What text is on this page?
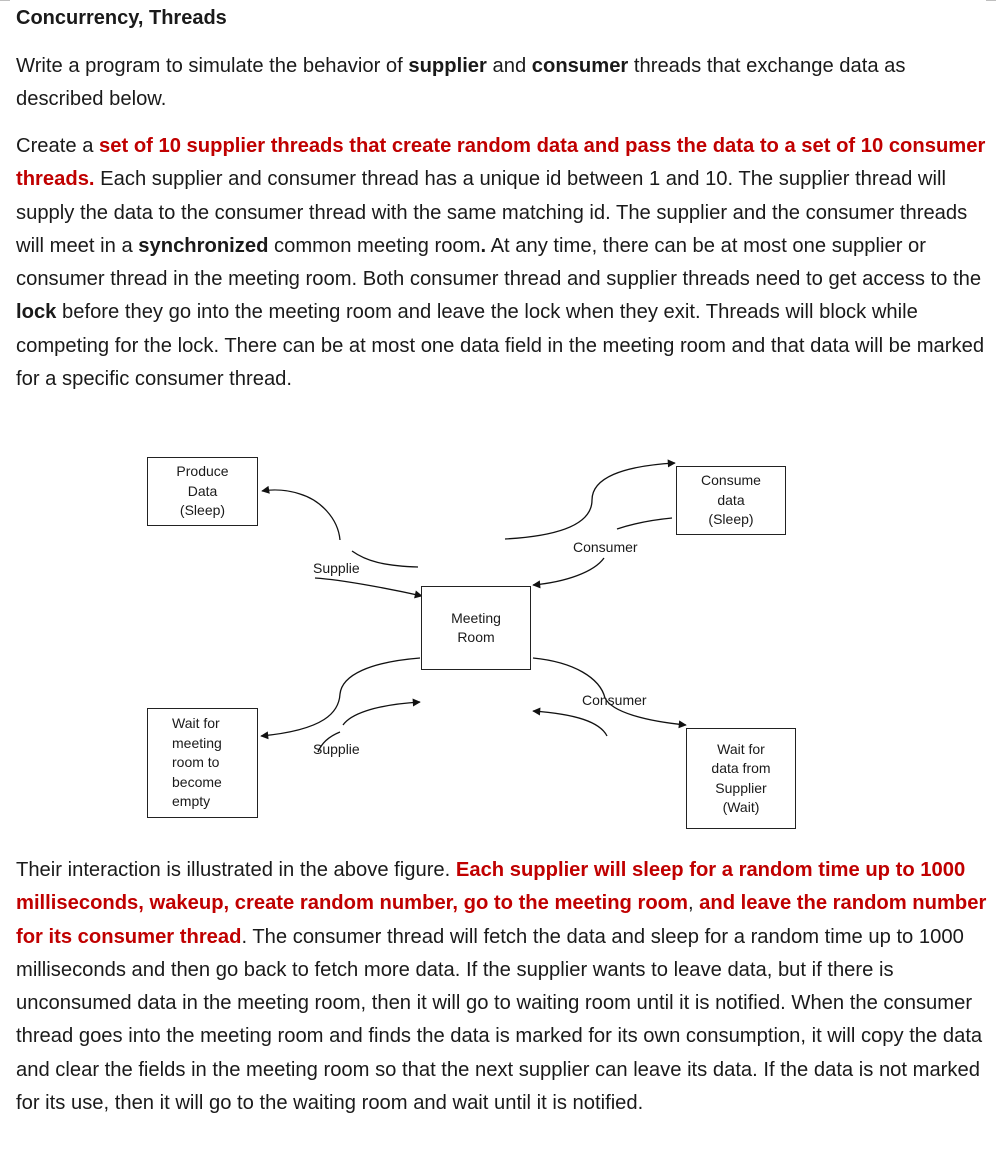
Concurrency, Threads

Write a program to simulate the behavior of supplier and consumer threads that exchange data as described below.

Create a set of 10 supplier threads that create random data and pass the data to a set of 10 consumer threads. Each supplier and consumer thread has a unique id between 1 and 10. The supplier thread will supply the data to the consumer thread with the same matching id. The supplier and the consumer threads will meet in a synchronized common meeting room. At any time, there can be at most one supplier or consumer thread in the meeting room. Both consumer thread and supplier threads need to get access to the lock before they go into the meeting room and leave the lock when they exit. Threads will block while competing for the lock. There can be at most one data field in the meeting room and that data will be marked for a specific consumer thread.

Produce
Data
(Sleep)
Consume
data
(Sleep)
Meeting
Room
Wait for
meeting
room to
become
empty
Wait for
data from
Supplier
(Wait)
Supplie
Consumer
Consumer
Supplie

Their interaction is illustrated in the above figure. Each supplier will sleep for a random time up to 1000 milliseconds, wakeup, create random number, go to the meeting room, and leave the random number for its consumer thread. The consumer thread will fetch the data and sleep for a random time up to 1000 milliseconds and then go back to fetch more data. If the supplier wants to leave data, but if there is unconsumed data in the meeting room, then it will go to waiting room until it is notified. When the consumer thread goes into the meeting room and finds the data is marked for its own consumption, it will copy the data and clear the fields in the meeting room so that the next supplier can leave its data. If the data is not marked for its use, then it will go to the waiting room and wait until it is notified.
